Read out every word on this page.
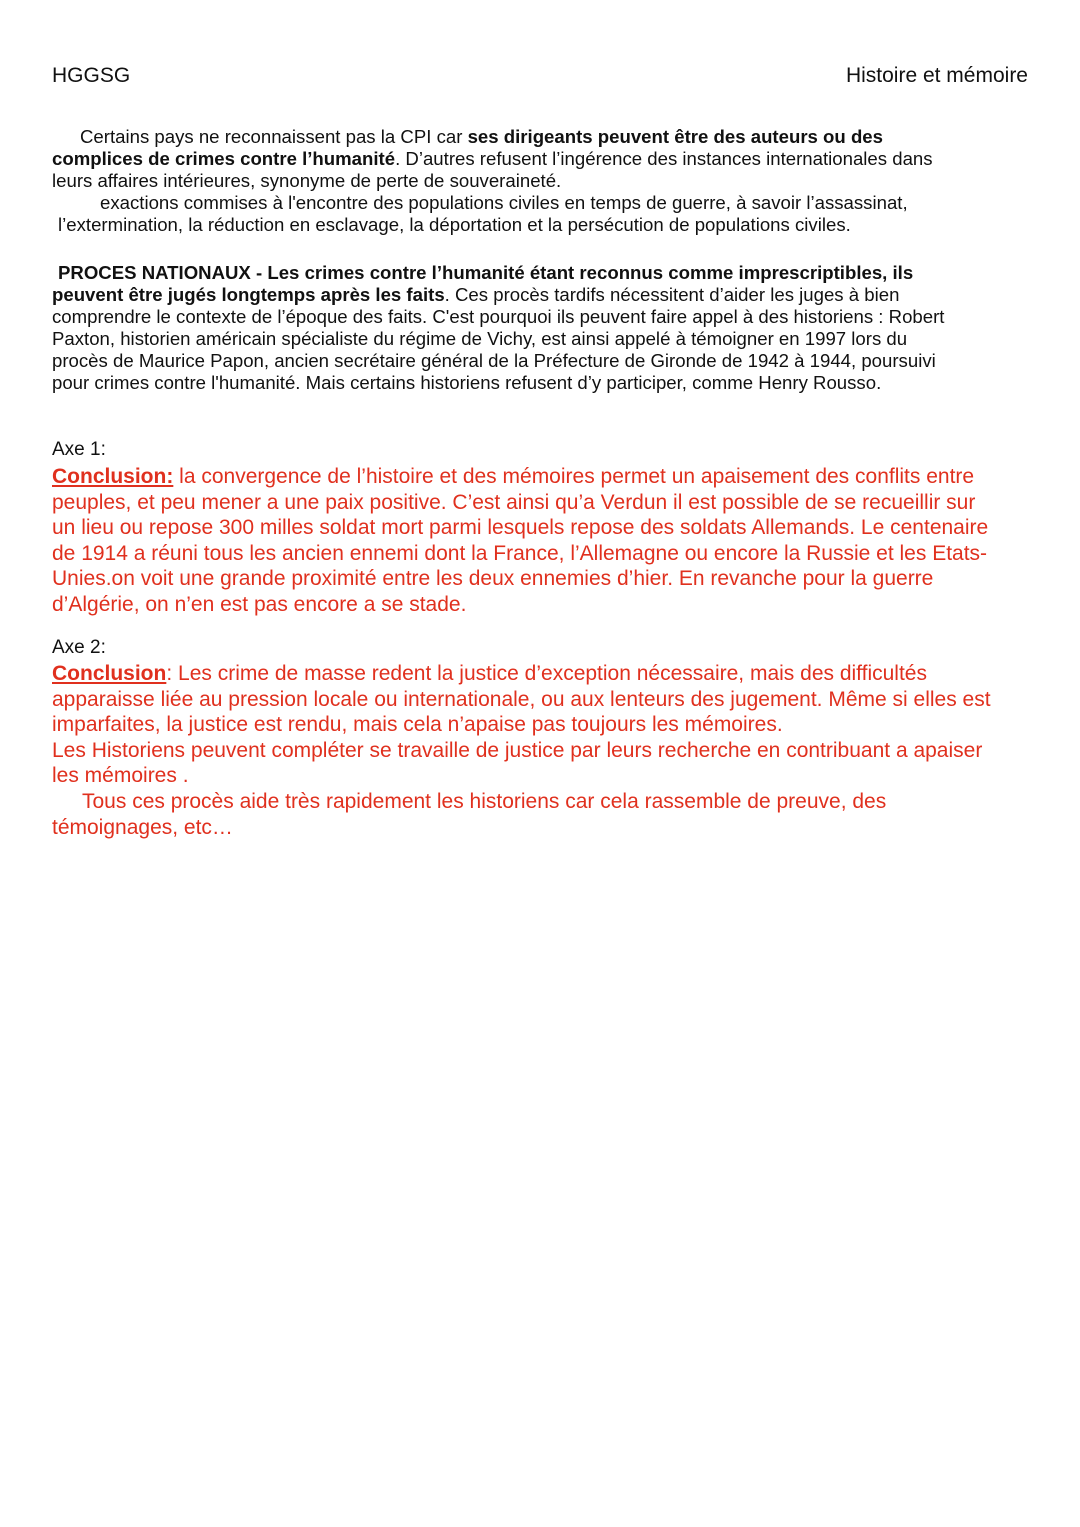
HGGSG	Histoire et mémoire

Certains pays ne reconnaissent pas la CPI car ses dirigeants peuvent être des auteurs ou des

complices de crimes contre l’humanité. D’autres refusent l’ingérence des instances internationales dans

leurs affaires intérieures, synonyme de perte de souveraineté.

exactions commises à l'encontre des populations civiles en temps de guerre, à savoir l’assassinat,

l’extermination, la réduction en esclavage, la déportation et la persécution de populations civiles.

PROCES NATIONAUX - Les crimes contre l’humanité étant reconnus comme imprescriptibles, ils

peuvent être jugés longtemps après les faits. Ces procès tardifs nécessitent d’aider les juges à bien

comprendre le contexte de l’époque des faits. C'est pourquoi ils peuvent faire appel à des historiens : Robert

Paxton, historien américain spécialiste du régime de Vichy, est ainsi appelé à témoigner en 1997 lors du

procès de Maurice Papon, ancien secrétaire général de la Préfecture de Gironde de 1942 à 1944, poursuivi

pour crimes contre l'humanité. Mais certains historiens refusent d’y participer, comme Henry Rousso.

Axe 1:

Conclusion: la convergence de l’histoire et des mémoires permet un apaisement des conflits entre

peuples, et peu mener a une paix positive. C’est ainsi qu’a Verdun il est possible de se recueillir sur

un lieu ou repose 300 milles soldat mort parmi lesquels repose des soldats Allemands. Le centenaire

de 1914 a réuni tous les ancien ennemi dont la France, l’Allemagne ou encore la Russie et les Etats-

Unies.on voit une grande proximité entre les deux ennemies d’hier. En revanche pour la guerre

d’Algérie, on n’en est pas encore a se stade.

Axe 2:

Conclusion: Les crime de masse redent la justice d’exception nécessaire, mais des difficultés

apparaisse liée au pression locale ou internationale, ou aux lenteurs des jugement. Même si elles est

imparfaites, la justice est rendu, mais cela n’apaise pas toujours les mémoires.

Les Historiens peuvent compléter se travaille de justice par leurs recherche en contribuant a apaiser

les mémoires .

Tous ces procès aide très rapidement les historiens car cela rassemble de preuve, des

témoignages, etc…
